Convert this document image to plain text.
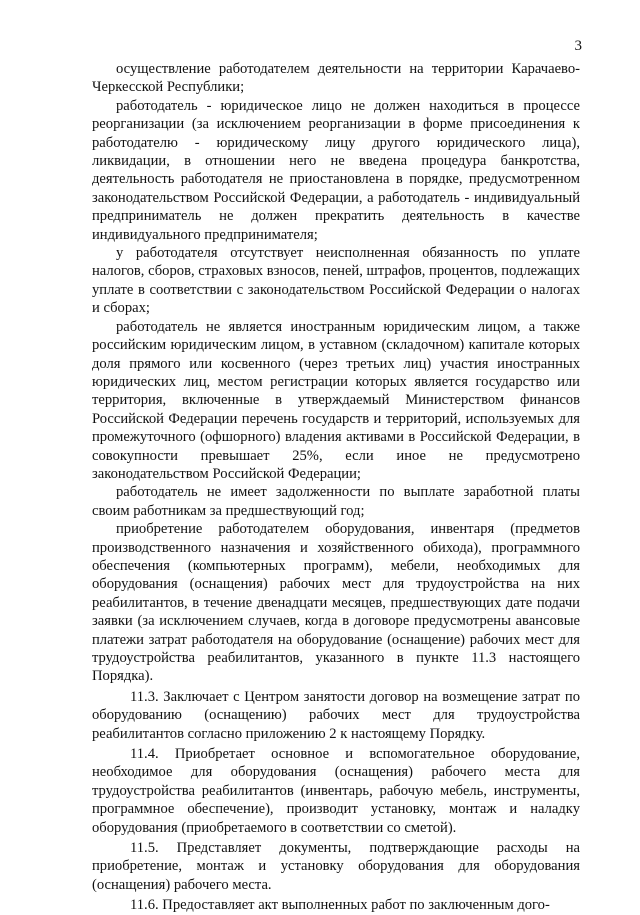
3

осуществление работодателем деятельности на территории Карачаево-Черкесской Республики;

работодатель - юридическое лицо не должен находиться в процессе реорганизации (за исключением реорганизации в форме присоединения к работодателю - юридическому лицу другого юридического лица), ликвидации, в отношении него не введена процедура банкротства, деятельность работодателя не приостановлена в порядке, предусмотренном законодательством Российской Федерации, а работодатель - индивидуальный предприниматель не должен прекратить деятельность в качестве индивидуального предпринимателя;

у работодателя отсутствует неисполненная обязанность по уплате налогов, сборов, страховых взносов, пеней, штрафов, процентов, подлежащих уплате в соответствии с законодательством Российской Федерации о налогах и сборах;

работодатель не является иностранным юридическим лицом, а также российским юридическим лицом, в уставном (складочном) капитале которых доля прямого или косвенного (через третьих лиц) участия иностранных юридических лиц, местом регистрации которых является государство или территория, включенные в утверждаемый Министерством финансов Российской Федерации перечень государств и территорий, используемых для промежуточного (офшорного) владения активами в Российской Федерации, в совокупности превышает 25%, если иное не предусмотрено законодательством Российской Федерации;

работодатель не имеет задолженности по выплате заработной платы своим работникам за предшествующий год;

приобретение работодателем оборудования, инвентаря (предметов производственного назначения и хозяйственного обихода), программного обеспечения (компьютерных программ), мебели, необходимых для оборудования (оснащения) рабочих мест для трудоустройства на них реабилитантов, в течение двенадцати месяцев, предшествующих дате подачи заявки (за исключением случаев, когда в договоре предусмотрены авансовые платежи затрат работодателя на оборудование (оснащение) рабочих мест для трудоустройства реабилитантов, указанного в пункте 11.3 настоящего Порядка).

11.3. Заключает с Центром занятости договор на возмещение затрат по оборудованию (оснащению) рабочих мест для трудоустройства реабилитантов согласно приложению 2 к настоящему Порядку.

11.4. Приобретает основное и вспомогательное оборудование, необходимое для оборудования (оснащения) рабочего места для трудоустройства реабилитантов (инвентарь, рабочую мебель, инструменты, программное обеспечение), производит установку, монтаж и наладку оборудования (приобретаемого в соответствии со сметой).

11.5. Представляет документы, подтверждающие расходы на приобретение, монтаж и установку оборудования для оборудования (оснащения) рабочего места.

11.6. Предоставляет акт выполненных работ по заключенным дого-
